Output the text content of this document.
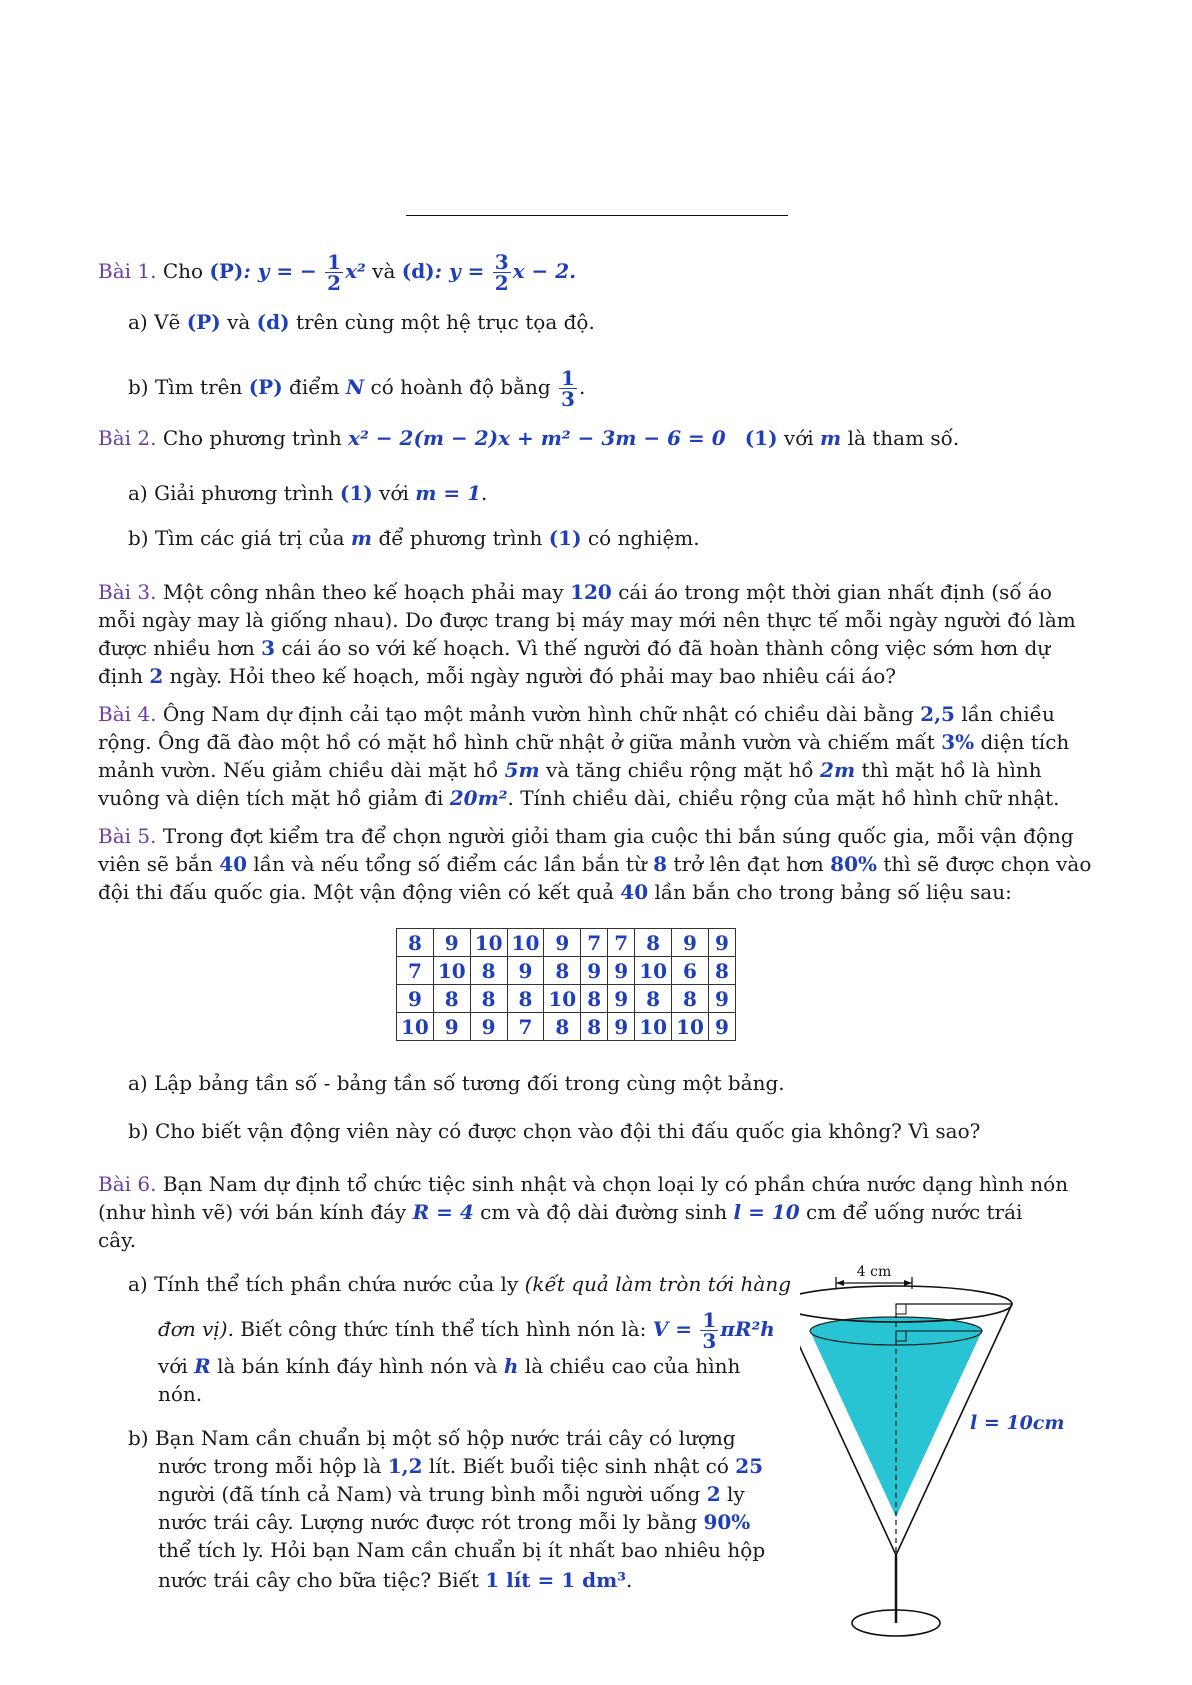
Bài 1. Cho (P): y = − $\frac{1}{2} x^2$ và (d): $y = \frac{3}{2}$ x − 2.
a) Vẽ (P) và (d) trên cùng một hệ trục tọa độ.
b) Tìm trên (P) điểm N có hoành độ bằng $\frac{1}{3}$ .
Bài 2. Cho phương trình x² − 2(m − 2)x + m² − 3m − 6 = 0 (1) với m là tham số.
a) Giải phương trình (1) với m = 1.
b) Tìm các giá trị của m để phương trình (1) có nghiệm.
Bài 3. Một công nhân theo kế hoạch phải may 120 cái áo trong một thời gian nhất định (số áo
mỗi ngày may là giống nhau). Do được trang bị máy may mới nên thực tế mỗi ngày người đó làm
được nhiều hơn 3 cái áo so với kế hoạch. Vì thế người đó đã hoàn thành công việc sớm hơn dự
định 2 ngày. Hỏi theo kế hoạch, mỗi ngày người đó phải may bao nhiêu cái áo?
Bài 4. Ông Nam dự định cải tạo một mảnh vườn hình chữ nhật có chiều dài bằng 2,5 lần chiều
rộng. Ông đã đào một hồ có mặt hồ hình chữ nhật ở giữa mảnh vườn và chiếm mất 3% diện tích
mảnh vườn. Nếu giảm chiều dài mặt hồ 5m và tăng chiều rộng mặt hồ 2m thì mặt hồ là hình
vuông và diện tích mặt hồ giảm đi 20m². Tính chiều dài, chiều rộng của mặt hồ hình chữ nhật.
Bài 5. Trong đợt kiểm tra để chọn người giỏi tham gia cuộc thi bắn súng quốc gia, mỗi vận động
viên sẽ bắn 40 lần và nếu tổng số điểm các lần bắn từ 8 trở lên đạt hơn 80% thì sẽ được chọn vào
đội thi đấu quốc gia. Một vận động viên có kết quả 40 lần bắn cho trong bảng số liệu sau:
8	9	10	10	9	7	7	8	9	9
7	10	8	9	8	9	9	10	6	8
9	8	8	8	10	8	9	8	8	9
10	9	9	7	8	8	9	10	10	9
a) Lập bảng tần số - bảng tần số tương đối trong cùng một bảng.
b) Cho biết vận động viên này có được chọn vào đội thi đấu quốc gia không? Vì sao?
Bài 6. Bạn Nam dự định tổ chức tiệc sinh nhật và chọn loại ly có phần chứa nước dạng hình nón
(như hình vẽ) với bán kính đáy R = 4 cm và độ dài đường sinh l = 10 cm để uống nước trái
cây.
a) Tính thể tích phần chứa nước của ly (kết quả làm tròn tới hàng
đơn vị). Biết công thức tính thể tích hình nón là: $V = \frac{1}{3} \pi R^2h$
với R là bán kính đáy hình nón và h là chiều cao của hình
nón.
b) Bạn Nam cần chuẩn bị một số hộp nước trái cây có lượng
nước trong mỗi hộp là 1,2 lít. Biết buổi tiệc sinh nhật có 25
người (đã tính cả Nam) và trung bình mỗi người uống 2 ly
nước trái cây. Lượng nước được rót trong mỗi ly bằng 90%
thể tích ly. Hỏi bạn Nam cần chuẩn bị ít nhất bao nhiêu hộp
nước trái cây cho bữa tiệc? Biết 1 lít = 1 dm³.
4 cm
l = 10cm
